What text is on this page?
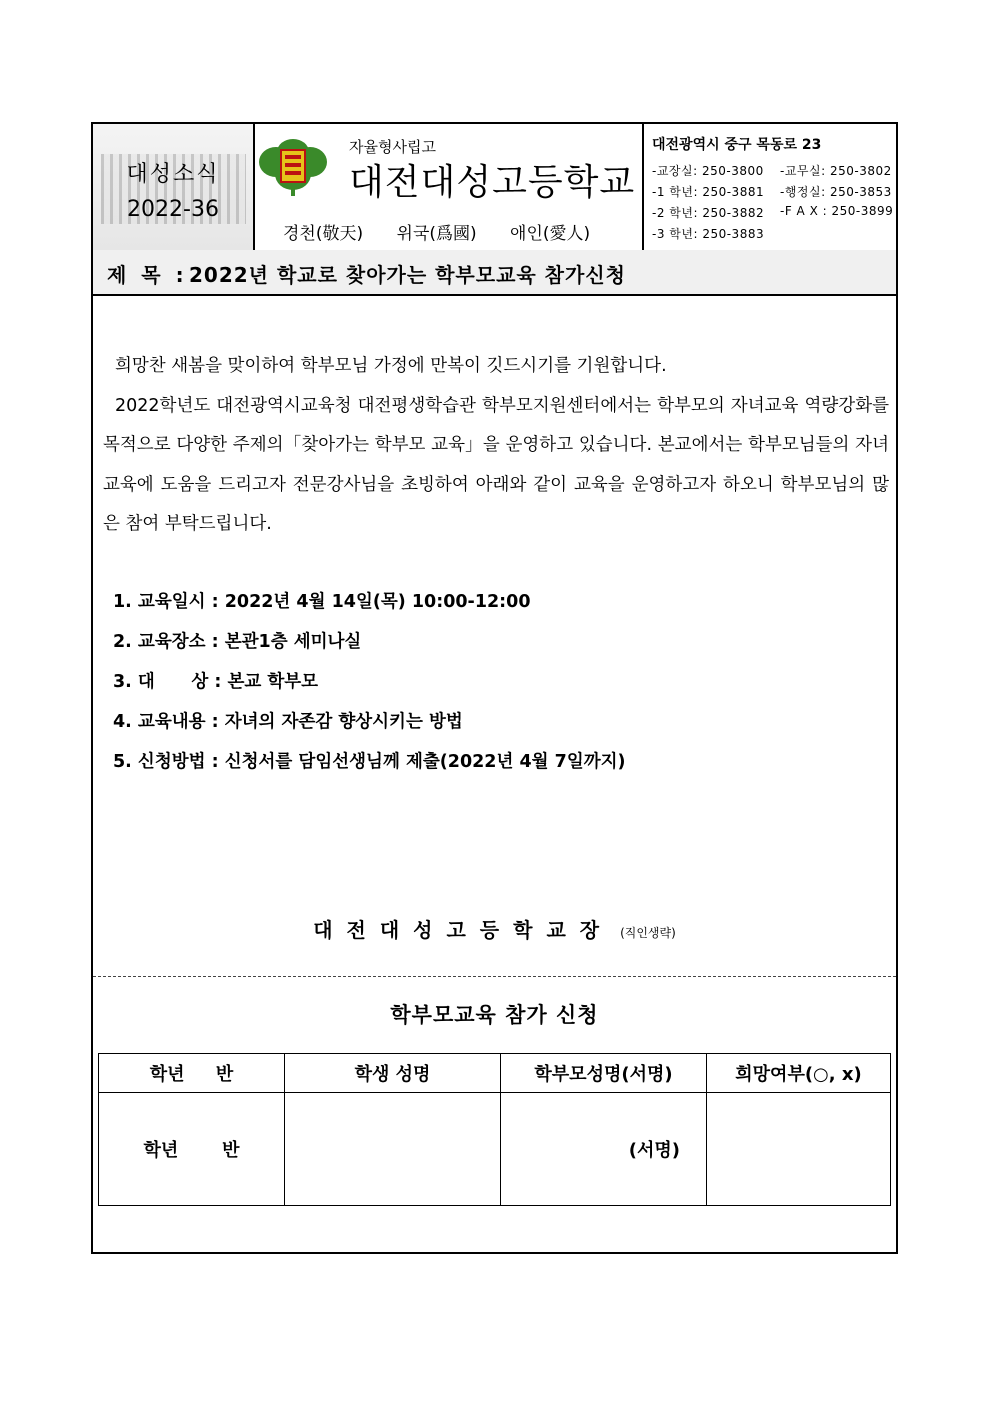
대성소식
2022-36
자율형사립고
대전대성고등학교
경천(敬天) 위국(爲國) 애인(愛人)
대전광역시 중구 목동로 23
-교장실: 250-3800 -교무실: 250-3802
-1 학년: 250-3881 -행정실: 250-3853
-2 학년: 250-3882 -F A X : 250-3899
-3 학년: 250-3883
제 목 : 2022년 학교로 찾아가는 학부모교육 참가신청

희망찬 새봄을 맞이하여 학부모님 가정에 만복이 깃드시기를 기원합니다.

2022학년도 대전광역시교육청 대전평생학습관 학부모지원센터에서는 학부모의 자녀교육 역량강화를 목적으로 다양한 주제의「찾아가는 학부모 교육」을 운영하고 있습니다. 본교에서는 학부모님들의 자녀교육에 도움을 드리고자 전문강사님을 초빙하여 아래와 같이 교육을 운영하고자 하오니 학부모님의 많은 참여 부탁드립니다.

1. 교육일시 : 2022년 4월 14일(목) 10:00-12:00
2. 교육장소 : 본관1층 세미나실
3. 대      상 : 본교 학부모
4. 교육내용 : 자녀의 자존감 향상시키는 방법
5. 신청방법 : 신청서를 담임선생님께 제출(2022년 4월 7일까지)
대전대성고등학교장 (직인생략)
학부모교육 참가 신청
학년     반	학생 성명	학부모성명(서명)	희망여부(○, x)
학년       반		(서명)	
